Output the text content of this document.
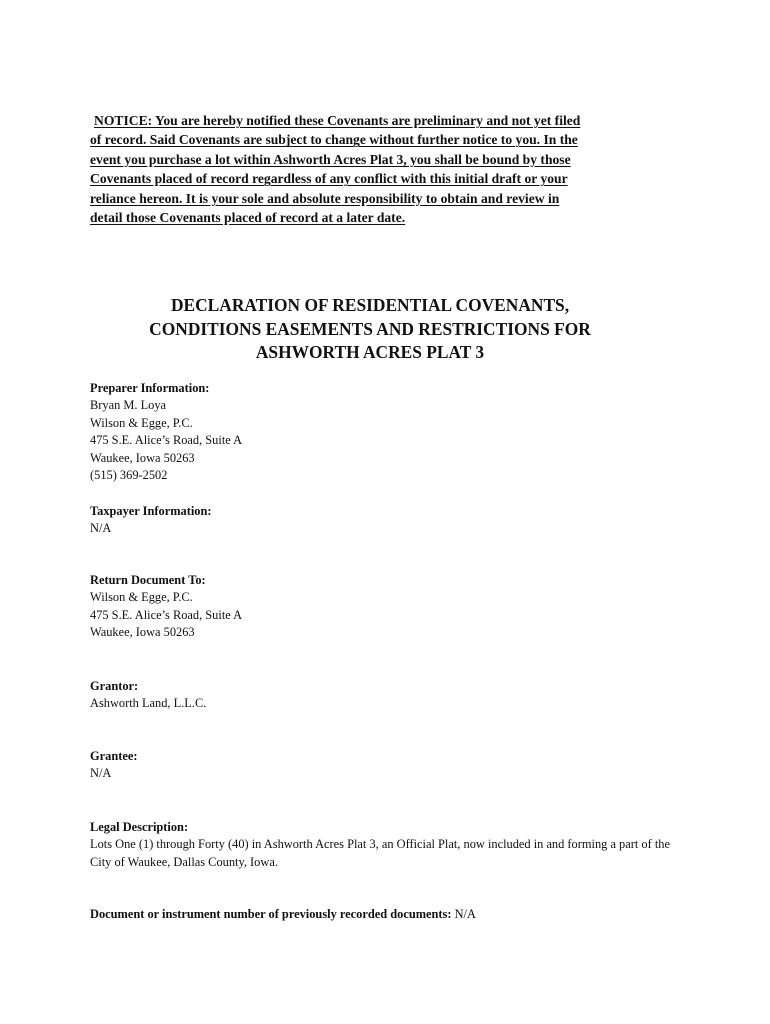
NOTICE: You are hereby notified these Covenants are preliminary and not yet filed
of record. Said Covenants are subject to change without further notice to you. In the
event you purchase a lot within Ashworth Acres Plat 3, you shall be bound by those
Covenants placed of record regardless of any conflict with this initial draft or your
reliance hereon. It is your sole and absolute responsibility to obtain and review in
detail those Covenants placed of record at a later date.
DECLARATION OF RESIDENTIAL COVENANTS,
CONDITIONS EASEMENTS AND RESTRICTIONS FOR
ASHWORTH ACRES PLAT 3
Preparer Information:
Bryan M. Loya
Wilson & Egge, P.C.
475 S.E. Alice’s Road, Suite A
Waukee, Iowa 50263
(515) 369-2502
Taxpayer Information:
N/A
Return Document To:
Wilson & Egge, P.C.
475 S.E. Alice’s Road, Suite A
Waukee, Iowa 50263
Grantor:
Ashworth Land, L.L.C.
Grantee:
N/A
Legal Description:
Lots One (1) through Forty (40) in Ashworth Acres Plat 3, an Official Plat, now included in and forming a part of the City of Waukee, Dallas County, Iowa.
Document or instrument number of previously recorded documents: N/A
